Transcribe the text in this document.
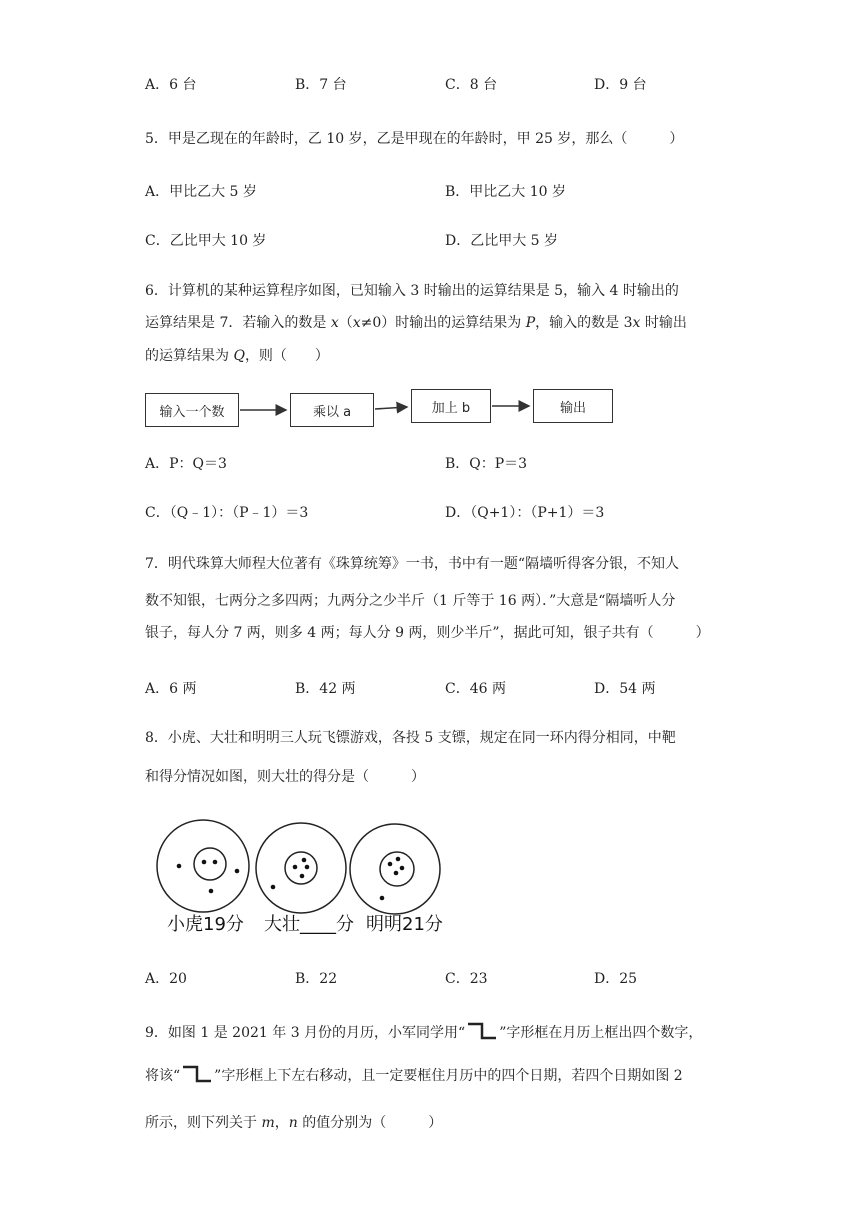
A．6 台	B．7 台	C．8 台	D．9 台
5．甲是乙现在的年龄时，乙 10 岁，乙是甲现在的年龄时，甲 25 岁，那么（　　　）
A．甲比乙大 5 岁	B．甲比乙大 10 岁
C．乙比甲大 10 岁	D．乙比甲大 5 岁
6．计算机的某种运算程序如图，已知输入 3 时输出的运算结果是 5，输入 4 时输出的
运算结果是 7．若输入的数是 x（x≠0）时输出的运算结果为 P，输入的数是 3x 时输出
的运算结果为 Q，则（　　）
输入一个数	乘以 a	加上 b	输出
A．P：Q＝3	B．Q：P＝3
C．（Q﹣1）：（P﹣1）＝3	D．（Q+1）：（P+1）＝3
7．明代珠算大师程大位著有《珠算统筹》一书，书中有一题“隔墙听得客分银，不知人
数不知银，七两分之多四两；九两分之少半斤（1 斤等于 16 两）．”大意是“隔墙听人分
银子，每人分 7 两，则多 4 两；每人分 9 两，则少半斤”，据此可知，银子共有（　　　）
A．6 两	B．42 两	C．46 两	D．54 两
8．小虎、大壮和明明三人玩飞镖游戏，各投 5 支镖，规定在同一环内得分相同，中靶
和得分情况如图，则大壮的得分是（　　　）
小虎19分 大壮____分 明明21分
A．20	B．22	C．23	D．25
9．如图 1 是 2021 年 3 月份的月历，小军同学用“ ”字形框在月历上框出四个数字，
将该“ ”字形框上下左右移动，且一定要框住月历中的四个日期，若四个日期如图 2
所示，则下列关于 m，n 的值分别为（　　　）
